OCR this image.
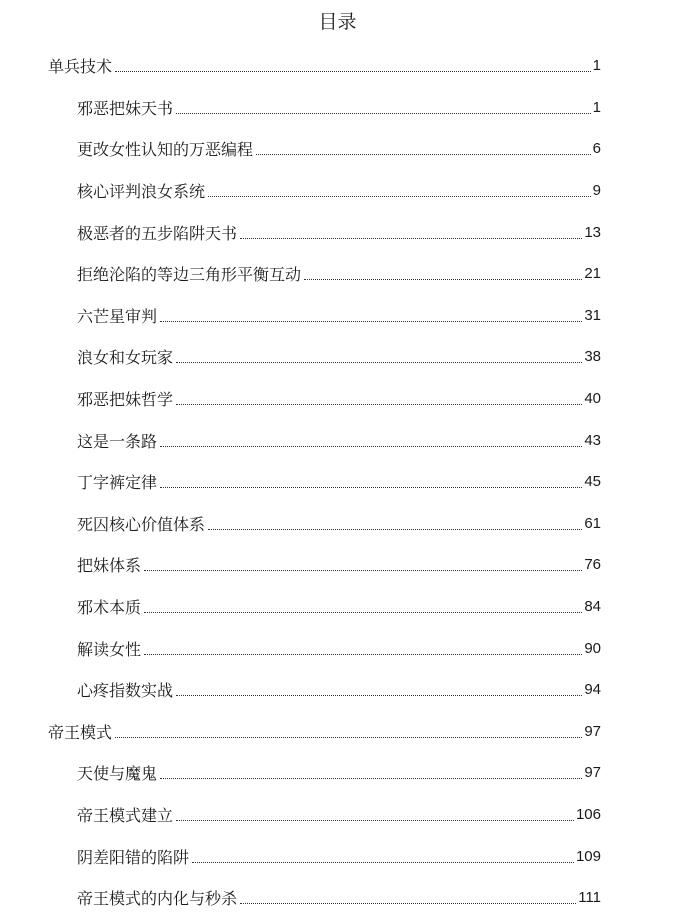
目录
单兵技术	1
邪恶把妹天书	1
更改女性认知的万恶编程	6
核心评判浪女系统	9
极恶者的五步陷阱天书	13
拒绝沦陷的等边三角形平衡互动	21
六芒星审判	31
浪女和女玩家	38
邪恶把妹哲学	40
这是一条路	43
丁字裤定律	45
死囚核心价值体系	61
把妹体系	76
邪术本质	84
解读女性	90
心疼指数实战	94
帝王模式	97
天使与魔鬼	97
帝王模式建立	106
阴差阳错的陷阱	109
帝王模式的内化与秒杀	111
